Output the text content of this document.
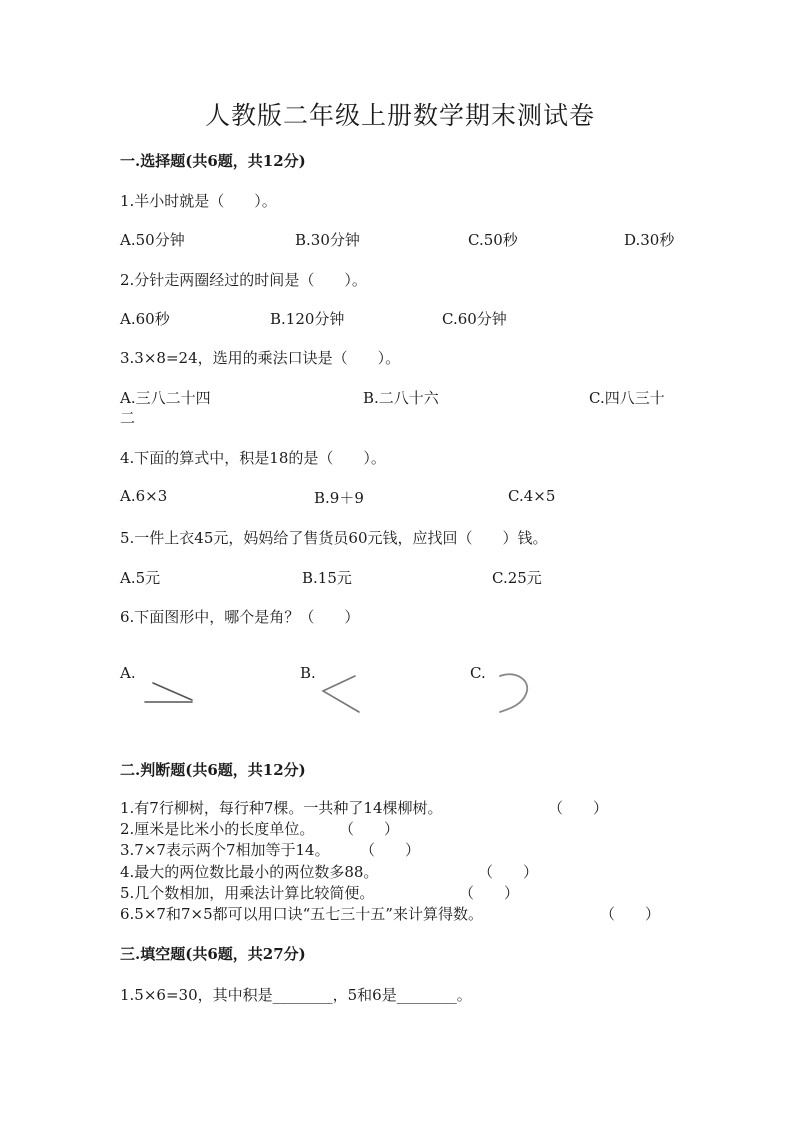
人教版二年级上册数学期末测试卷
一.选择题(共6题，共12分)
1.半小时就是（　　）。
A.50分钟	B.30分钟	C.50秒	D.30秒
2.分针走两圈经过的时间是（　　）。
A.60秒	B.120分钟	C.60分钟
3.3×8=24，选用的乘法口诀是（　　）。
A.三八二十四	B.二八十六	C.四八三十
二
4.下面的算式中，积是18的是（　　）。
A.6×3	B.9＋9	C.4×5
5.一件上衣45元，妈妈给了售货员60元钱，应找回（　　）钱。
A.5元	B.15元	C.25元
6.下面图形中，哪个是角？（　　）
A.	B.	C.
二.判断题(共6题，共12分)
1.有7行柳树，每行种7棵。一共种了14棵柳树。	（　　）
2.厘米是比米小的长度单位。 （　　）
3.7×7表示两个7相加等于14。 （　　）
4.最大的两位数比最小的两位数多88。	（　　）
5.几个数相加，用乘法计算比较简便。	（　　）
6.5×7和7×5都可以用口诀“五七三十五”来计算得数。	（　　）
三.填空题(共6题，共27分)
1.5×6=30，其中积是________，5和6是________。
